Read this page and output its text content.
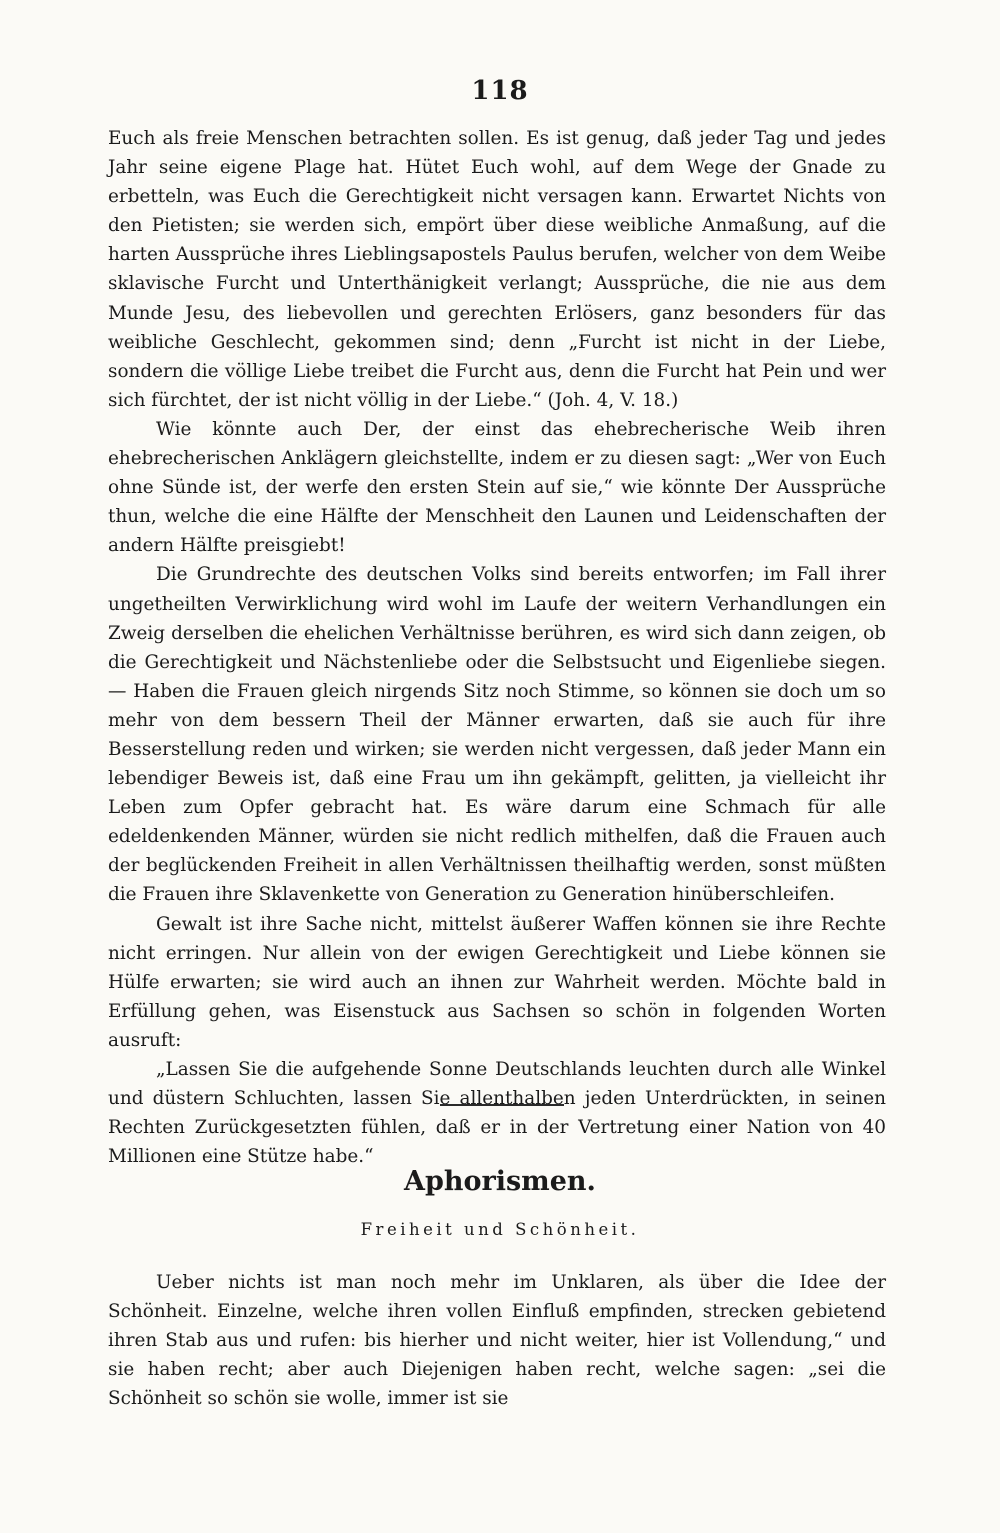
118

Euch als freie Menschen betrachten sollen. Es ist genug, daß jeder Tag und jedes Jahr seine eigene Plage hat. Hütet Euch wohl, auf dem Wege der Gnade zu erbetteln, was Euch die Gerechtigkeit nicht versagen kann. Erwartet Nichts von den Pietisten; sie werden sich, empört über diese weibliche Anmaßung, auf die harten Aussprüche ihres Lieblingsapostels Paulus berufen, welcher von dem Weibe sklavische Furcht und Unterthänigkeit verlangt; Aussprüche, die nie aus dem Munde Jesu, des liebevollen und gerechten Erlösers, ganz besonders für das weibliche Geschlecht, gekommen sind; denn „Furcht ist nicht in der Liebe, sondern die völlige Liebe treibet die Furcht aus, denn die Furcht hat Pein und wer sich fürchtet, der ist nicht völlig in der Liebe.“ (Joh. 4, V. 18.)

Wie könnte auch Der, der einst das ehebrecherische Weib ihren ehebrecherischen Anklägern gleichstellte, indem er zu diesen sagt: „Wer von Euch ohne Sünde ist, der werfe den ersten Stein auf sie,“ wie könnte Der Aussprüche thun, welche die eine Hälfte der Menschheit den Launen und Leidenschaften der andern Hälfte preisgiebt!

Die Grundrechte des deutschen Volks sind bereits entworfen; im Fall ihrer ungetheilten Verwirklichung wird wohl im Laufe der weitern Verhandlungen ein Zweig derselben die ehelichen Verhältnisse berühren, es wird sich dann zeigen, ob die Gerechtigkeit und Nächstenliebe oder die Selbstsucht und Eigenliebe siegen. — Haben die Frauen gleich nirgends Sitz noch Stimme, so können sie doch um so mehr von dem bessern Theil der Männer erwarten, daß sie auch für ihre Besserstellung reden und wirken; sie werden nicht vergessen, daß jeder Mann ein lebendiger Beweis ist, daß eine Frau um ihn gekämpft, gelitten, ja vielleicht ihr Leben zum Opfer gebracht hat. Es wäre darum eine Schmach für alle edeldenkenden Männer, würden sie nicht redlich mithelfen, daß die Frauen auch der beglückenden Freiheit in allen Verhältnissen theilhaftig werden, sonst müßten die Frauen ihre Sklavenkette von Generation zu Generation hinüberschleifen.

Gewalt ist ihre Sache nicht, mittelst äußerer Waffen können sie ihre Rechte nicht erringen. Nur allein von der ewigen Gerechtigkeit und Liebe können sie Hülfe erwarten; sie wird auch an ihnen zur Wahrheit werden. Möchte bald in Erfüllung gehen, was Eisenstuck aus Sachsen so schön in folgenden Worten ausruft:

„Lassen Sie die aufgehende Sonne Deutschlands leuchten durch alle Winkel und düstern Schluchten, lassen Sie allenthalben jeden Unterdrückten, in seinen Rechten Zurückgesetzten fühlen, daß er in der Vertretung einer Nation von 40 Millionen eine Stütze habe.“

Aphorismen.
Freiheit und Schönheit.

Ueber nichts ist man noch mehr im Unklaren, als über die Idee der Schönheit. Einzelne, welche ihren vollen Einfluß empfinden, strecken gebietend ihren Stab aus und rufen: bis hierher und nicht weiter, hier ist Vollendung,“ und sie haben recht; aber auch Diejenigen haben recht, welche sagen: „sei die Schönheit so schön sie wolle, immer ist sie
